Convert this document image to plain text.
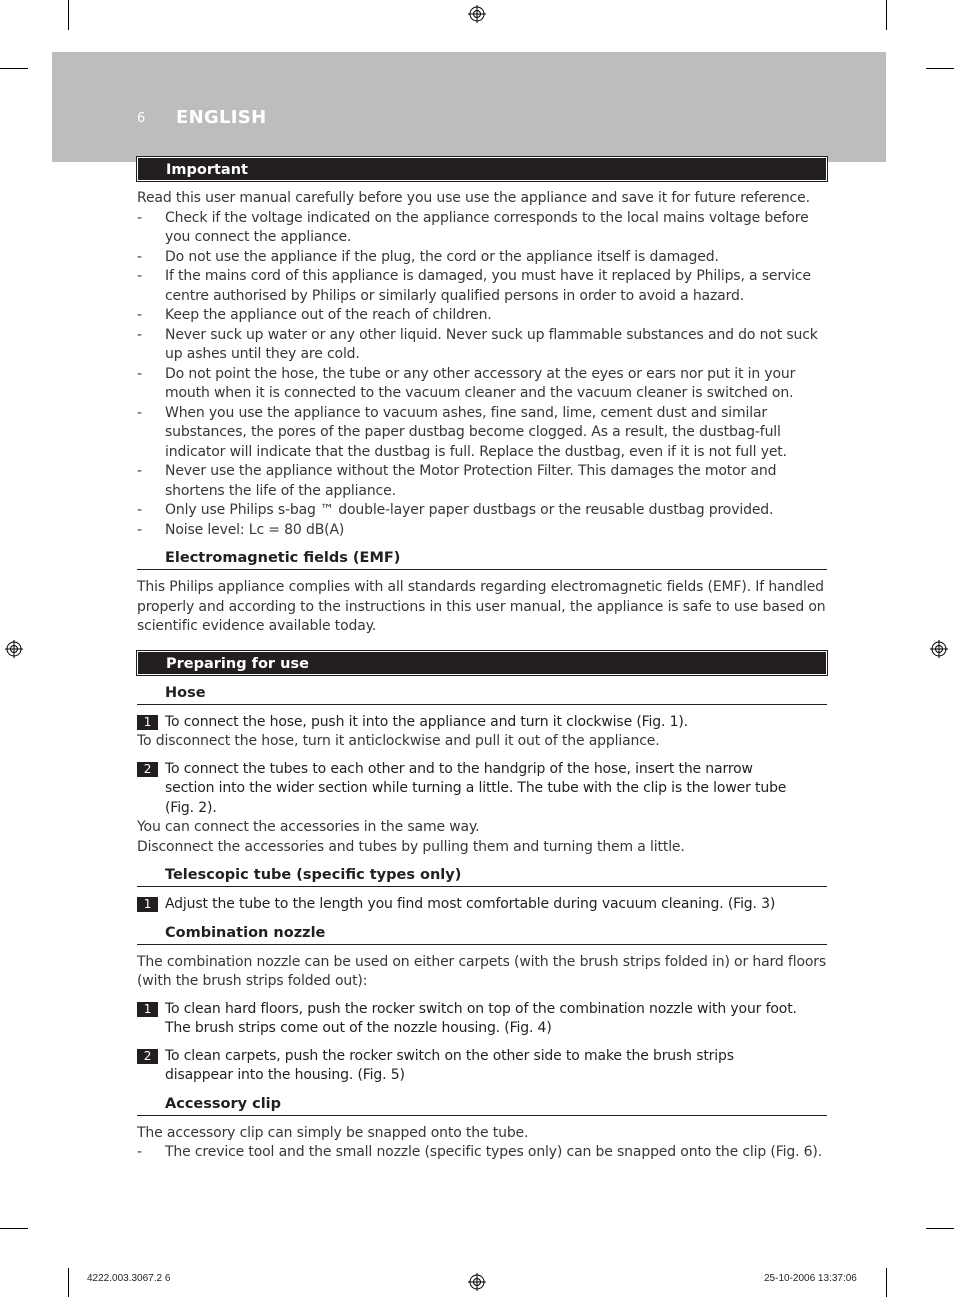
6 ENGLISH
Important
Read this user manual carefully before you use use the appliance and save it for future reference.
- Check if the voltage indicated on the appliance corresponds to the local mains voltage before you connect the appliance.
- Do not use the appliance if the plug, the cord or the appliance itself is damaged.
- If the mains cord of this appliance is damaged, you must have it replaced by Philips, a service centre authorised by Philips or similarly qualified persons in order to avoid a hazard.
- Keep the appliance out of the reach of children.
- Never suck up water or any other liquid. Never suck up flammable substances and do not suck up ashes until they are cold.
- Do not point the hose, the tube or any other accessory at the eyes or ears nor put it in your mouth when it is connected to the vacuum cleaner and the vacuum cleaner is switched on.
- When you use the appliance to vacuum ashes, fine sand, lime, cement dust and similar substances, the pores of the paper dustbag become clogged. As a result, the dustbag-full indicator will indicate that the dustbag is full. Replace the dustbag, even if it is not full yet.
- Never use the appliance without the Motor Protection Filter. This damages the motor and shortens the life of the appliance.
- Only use Philips s-bag ™ double-layer paper dustbags or the reusable dustbag provided.
- Noise level: Lc = 80 dB(A)
Electromagnetic fields (EMF)
This Philips appliance complies with all standards regarding electromagnetic fields (EMF). If handled properly and according to the instructions in this user manual, the appliance is safe to use based on scientific evidence available today.
Preparing for use
Hose
1 To connect the hose, push it into the appliance and turn it clockwise (Fig. 1).
To disconnect the hose, turn it anticlockwise and pull it out of the appliance.
2 To connect the tubes to each other and to the handgrip of the hose, insert the narrow section into the wider section while turning a little. The tube with the clip is the lower tube (Fig. 2).
You can connect the accessories in the same way.
Disconnect the accessories and tubes by pulling them and turning them a little.
Telescopic tube (specific types only)
1 Adjust the tube to the length you find most comfortable during vacuum cleaning. (Fig. 3)
Combination nozzle
The combination nozzle can be used on either carpets (with the brush strips folded in) or hard floors (with the brush strips folded out):
1 To clean hard floors, push the rocker switch on top of the combination nozzle with your foot. The brush strips come out of the nozzle housing. (Fig. 4)
2 To clean carpets, push the rocker switch on the other side to make the brush strips disappear into the housing. (Fig. 5)
Accessory clip
The accessory clip can simply be snapped onto the tube.
- The crevice tool and the small nozzle (specific types only) can be snapped onto the clip (Fig. 6).
4222.003.3067.2 6	25-10-2006 13:37:06
